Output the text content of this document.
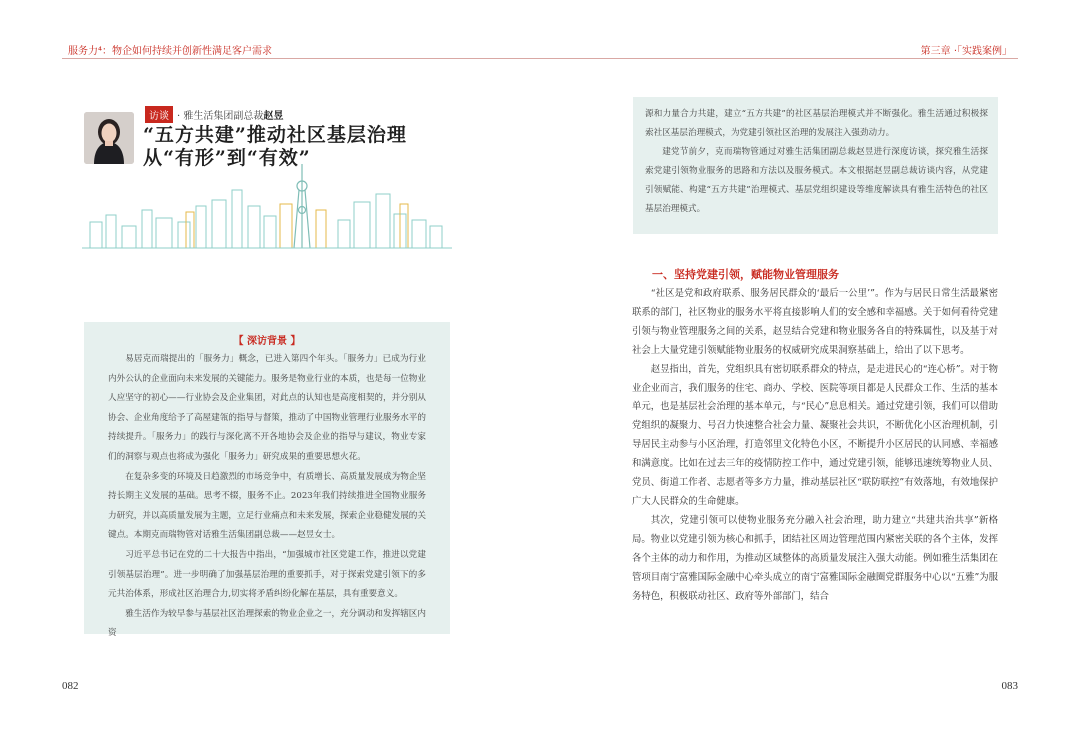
服务力⁴：物企如何持续并创新性满足客户需求	第三章 ·「实践案例」
访谈 · 雅生活集团副总裁 赵昱
“五方共建”推动社区基层治理
从“有形”到“有效”
【 深访背景 】

易居克而瑞提出的「服务力」概念，已进入第四个年头。「服务力」已成为行业内外公认的企业面向未来发展的关键能力。服务是物业行业的本质，也是每一位物业人应坚守的初心——行业协会及企业集团，对此点的认知也是高度相契的，并分别从协会、企业角度给予了高屋建瓴的指导与督策，推动了中国物业管理行业服务水平的持续提升。「服务力」的践行与深化离不开各地协会及企业的指导与建议，物业专家们的洞察与观点也将成为强化「服务力」研究成果的重要思想火花。

在复杂多变的环境及日趋激烈的市场竞争中，有质增长、高质量发展成为物企坚持长期主义发展的基础。思考不辍，服务不止。2023年我们持续推进全国物业服务力研究，并以高质量发展为主题，立足行业痛点和未来发展，探索企业稳健发展的关键点。本期克而瑞物管对话雅生活集团副总裁——赵昱女士。

习近平总书记在党的二十大报告中指出，“加强城市社区党建工作，推进以党建引领基层治理”。进一步明确了加强基层治理的重要抓手，对于探索党建引领下的多元共治体系，形成社区治理合力,切实将矛盾纠纷化解在基层，具有重要意义。

雅生活作为较早参与基层社区治理探索的物业企业之一，充分调动和发挥辖区内资

082

源和力量合力共建，建立“五方共建”的社区基层治理模式并不断强化。雅生活通过积极探索社区基层治理模式，为党建引领社区治理的发展注入强劲动力。

建党节前夕，克而瑞物管通过对雅生活集团副总裁赵昱进行深度访谈，探究雅生活探索党建引领物业服务的思路和方法以及服务模式。本文根据赵昱副总裁访谈内容，从党建引领赋能、构建“五方共建”治理模式、基层党组织建设等维度解读具有雅生活特色的社区基层治理模式。

一、坚持党建引领，赋能物业管理服务

“社区是党和政府联系、服务居民群众的‘最后一公里’”。作为与居民日常生活最紧密联系的部门，社区物业的服务水平将直接影响人们的安全感和幸福感。关于如何看待党建引领与物业管理服务之间的关系，赵昱结合党建和物业服务各自的特殊属性，以及基于对社会上大量党建引领赋能物业服务的权威研究成果洞察基础上，给出了以下思考。

赵昱指出，首先，党组织具有密切联系群众的特点，是走进民心的“连心桥”。对于物业企业而言，我们服务的住宅、商办、学校、医院等项目都是人民群众工作、生活的基本单元，也是基层社会治理的基本单元，与“民心”息息相关。通过党建引领，我们可以借助党组织的凝聚力、号召力快速整合社会力量、凝聚社会共识，不断优化小区治理机制，引导居民主动参与小区治理，打造邻里文化特色小区，不断提升小区居民的认同感、幸福感和满意度。比如在过去三年的疫情防控工作中，通过党建引领，能够迅速统筹物业人员、党员、街道工作者、志愿者等多方力量，推动基层社区“联防联控”有效落地，有效地保护广大人民群众的生命健康。

其次，党建引领可以使物业服务充分融入社会治理，助力建立“共建共治共享”新格局。物业以党建引领为核心和抓手，团结社区周边管理范围内紧密关联的各个主体，发挥各个主体的动力和作用，为推动区域整体的高质量发展注入强大动能。例如雅生活集团在管项目南宁富雅国际金融中心牵头成立的南宁富雅国际金融圈党群服务中心以“五雅”为服务特色，积极联动社区、政府等外部部门，结合

083
